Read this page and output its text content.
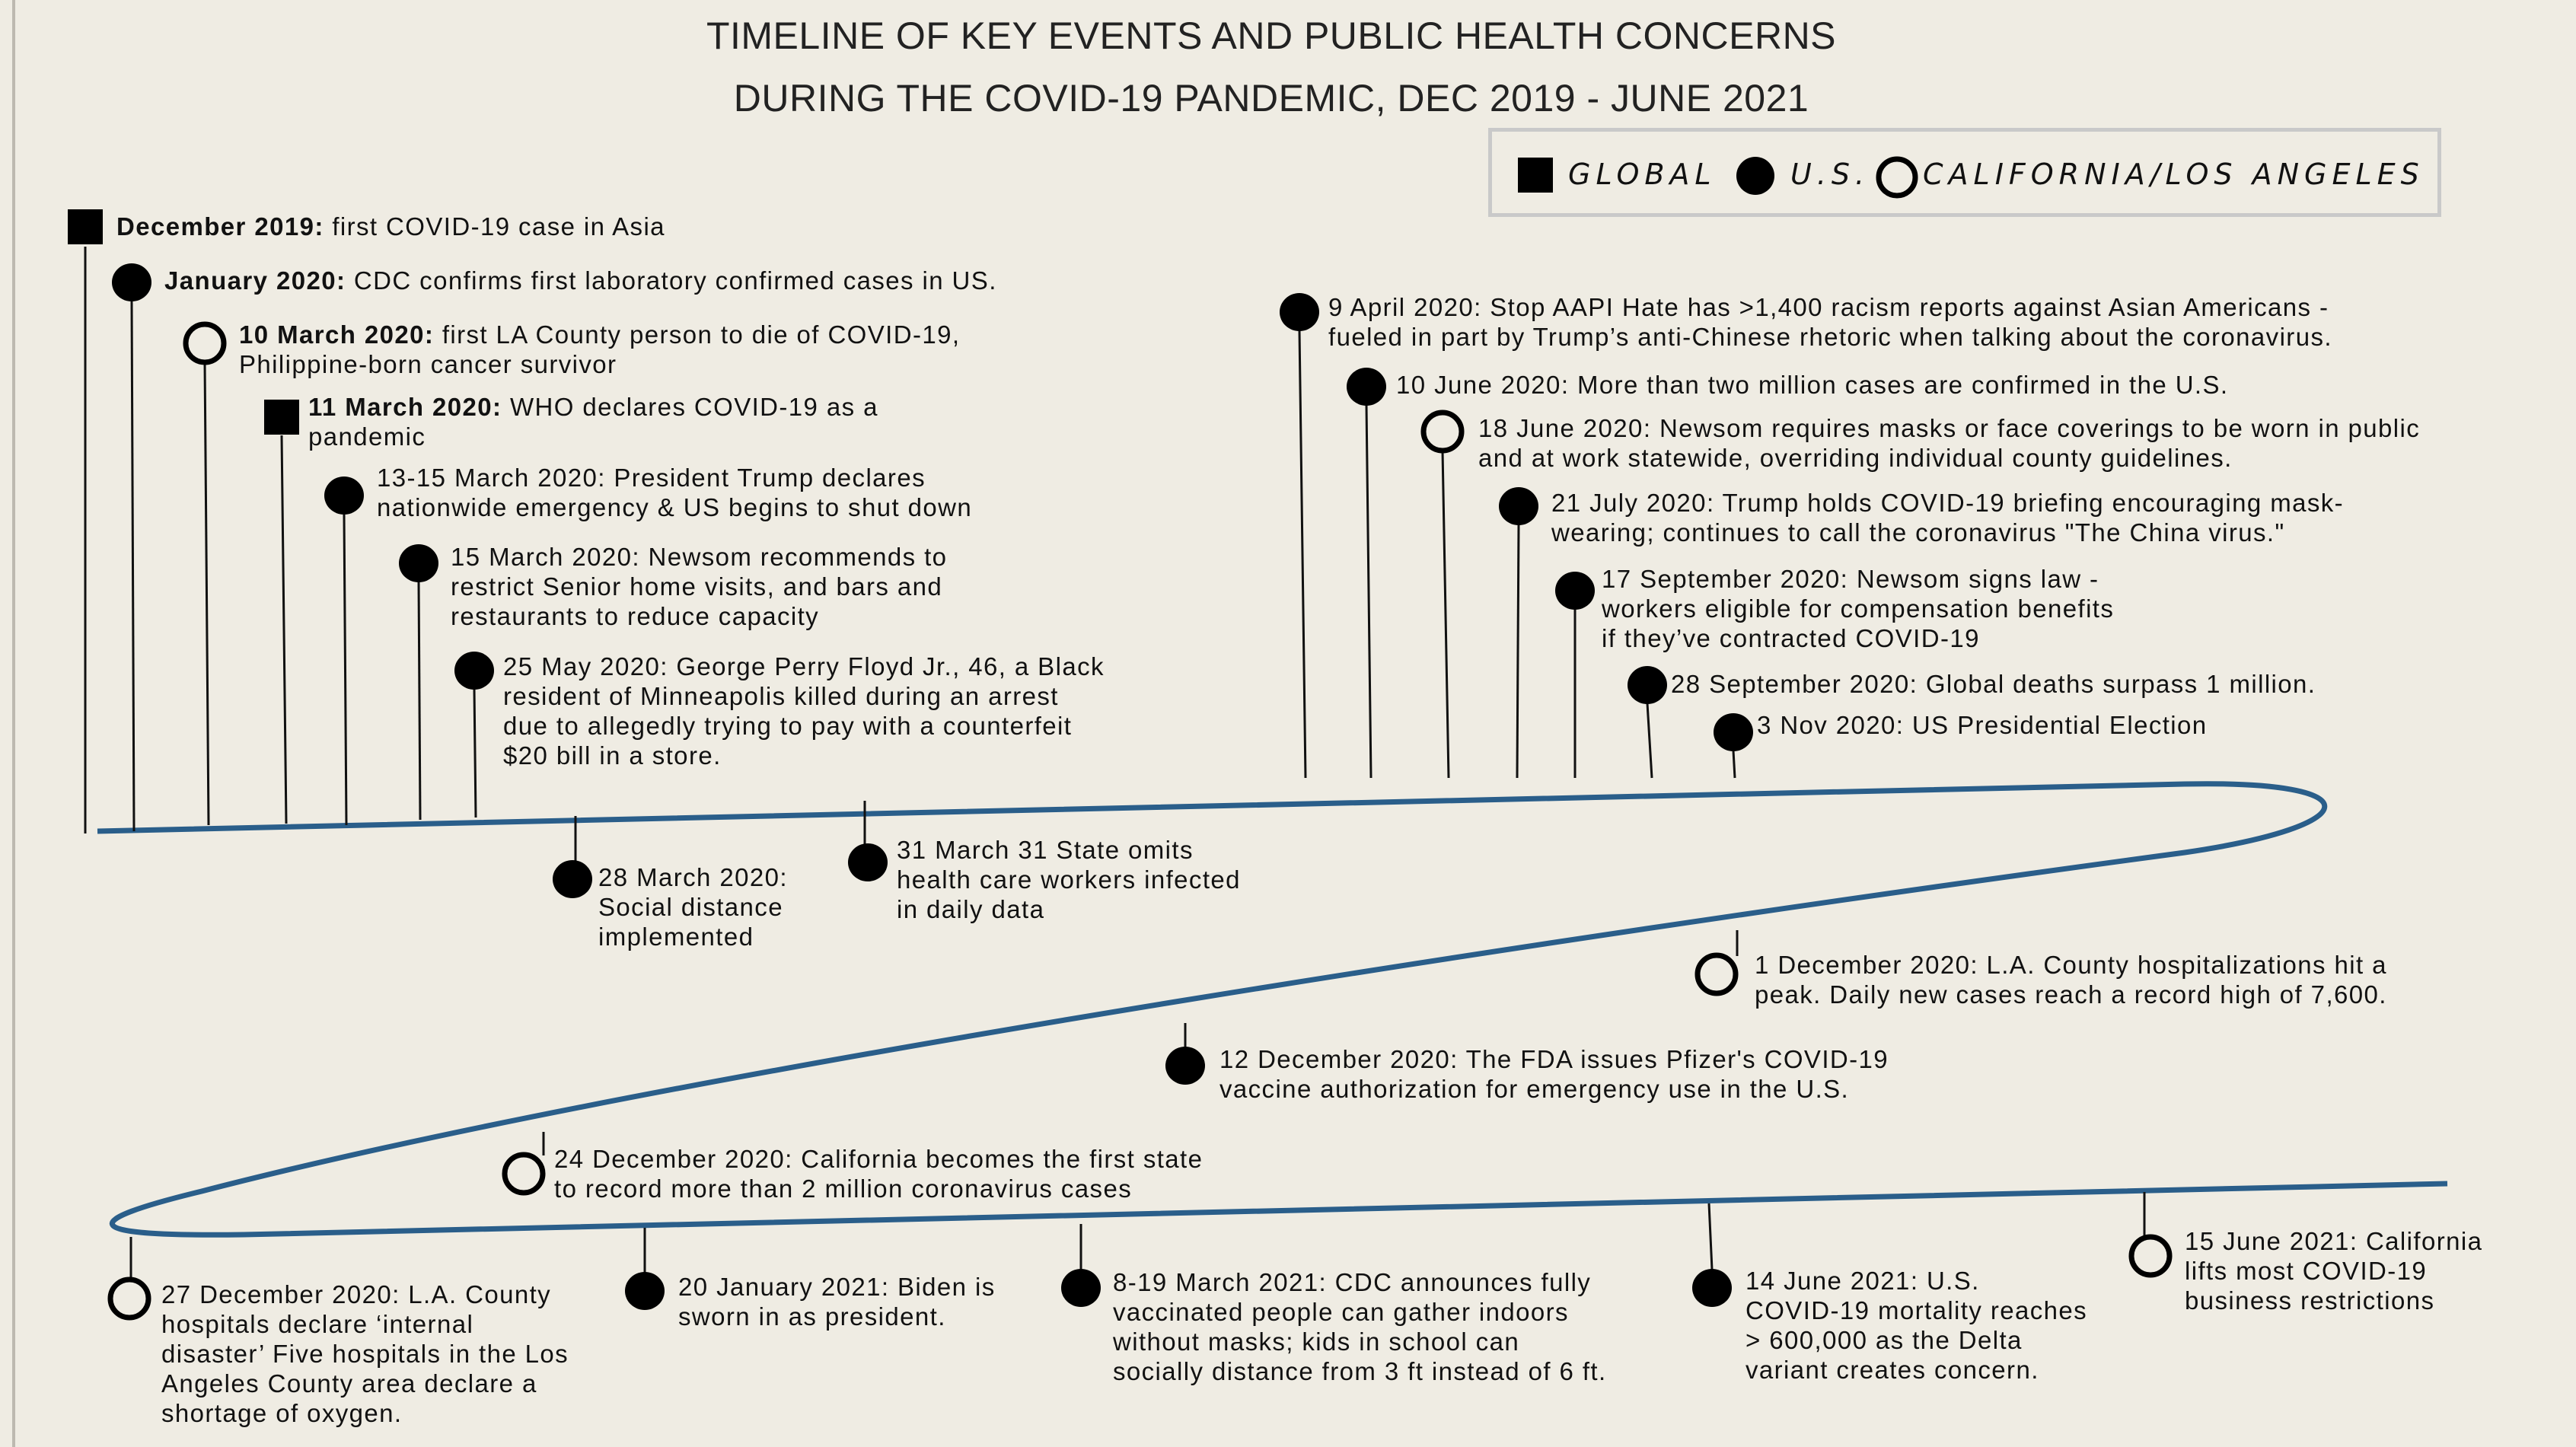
TIMELINE OF KEY EVENTS AND PUBLIC HEALTH CONCERNS
DURING THE COVID-19 PANDEMIC, DEC 2019 - JUNE 2021
GLOBAL	U.S. CALIFORNIA/LOS ANGELES
December 2019: first COVID-19 case in Asia
January 2020: CDC confirms first laboratory confirmed cases in US.
10 March 2020: first LA County person to die of COVID-19,
Philippine-born cancer survivor
11 March 2020: WHO declares COVID-19 as a
pandemic
13-15 March 2020: President Trump declares
nationwide emergency & US begins to shut down
15 March 2020: Newsom recommends to
restrict Senior home visits, and bars and
restaurants to reduce capacity
25 May 2020: George Perry Floyd Jr., 46, a Black
resident of Minneapolis killed during an arrest
due to allegedly trying to pay with a counterfeit
$20 bill in a store.
28 March 2020:
Social distance
implemented
31 March 31 State omits
health care workers infected
in daily data
9 April 2020: Stop AAPI Hate has >1,400 racism reports against Asian Americans -
fueled in part by Trump’s anti-Chinese rhetoric when talking about the coronavirus.
10 June 2020: More than two million cases are confirmed in the U.S.
18 June 2020: Newsom requires masks or face coverings to be worn in public
and at work statewide, overriding individual county guidelines.
21 July 2020: Trump holds COVID-19 briefing encouraging mask-
wearing; continues to call the coronavirus "The China virus."
17 September 2020: Newsom signs law -
workers eligible for compensation benefits
if they’ve contracted COVID-19
28 September 2020: Global deaths surpass 1 million.
3 Nov 2020: US Presidential Election
1 December 2020: L.A. County hospitalizations hit a
peak. Daily new cases reach a record high of 7,600.
12 December 2020: The FDA issues Pfizer's COVID-19
vaccine authorization for emergency use in the U.S.
24 December 2020: California becomes the first state
to record more than 2 million coronavirus cases
27 December 2020: L.A. County
hospitals declare ‘internal
disaster’ Five hospitals in the Los
Angeles County area declare a
shortage of oxygen.
20 January 2021: Biden is
sworn in as president.
8-19 March 2021: CDC announces fully
vaccinated people can gather indoors
without masks; kids in school can
socially distance from 3 ft instead of 6 ft.
14 June 2021: U.S.
COVID-19 mortality reaches
> 600,000 as the Delta
variant creates concern.
15 June 2021: California
lifts most COVID-19
business restrictions
